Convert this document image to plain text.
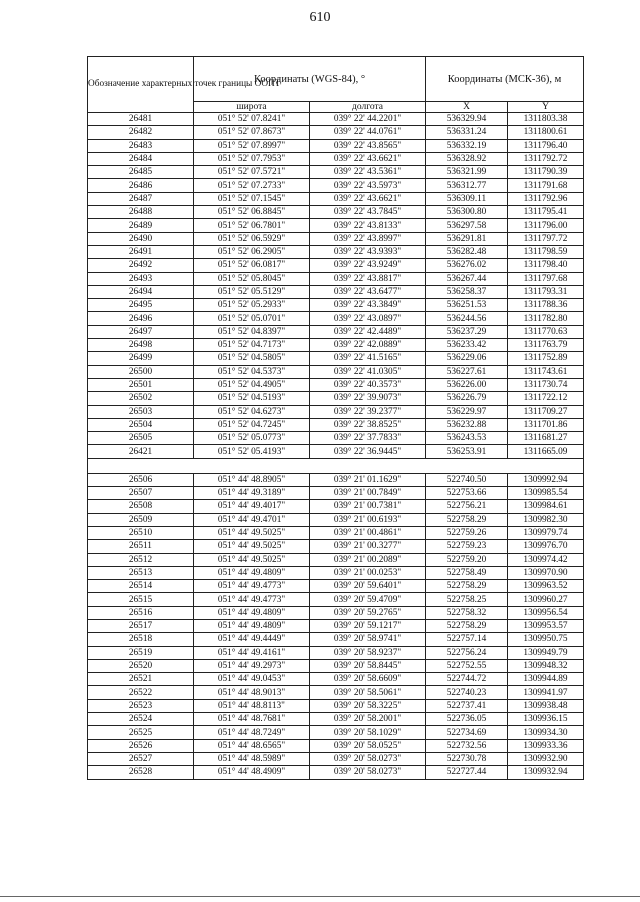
610
Обозначение характерных точек границы ООПТ	Координаты (WGS-84), °		Координаты (МСК-36), м	
	широта	долгота	X	Y
26481	051° 52' 07.8241"	039° 22' 44.2201"	536329.94	1311803.38
26482	051° 52' 07.8673"	039° 22' 44.0761"	536331.24	1311800.61
26483	051° 52' 07.8997"	039° 22' 43.8565"	536332.19	1311796.40
26484	051° 52' 07.7953"	039° 22' 43.6621"	536328.92	1311792.72
26485	051° 52' 07.5721"	039° 22' 43.5361"	536321.99	1311790.39
26486	051° 52' 07.2733"	039° 22' 43.5973"	536312.77	1311791.68
26487	051° 52' 07.1545"	039° 22' 43.6621"	536309.11	1311792.96
26488	051° 52' 06.8845"	039° 22' 43.7845"	536300.80	1311795.41
26489	051° 52' 06.7801"	039° 22' 43.8133"	536297.58	1311796.00
26490	051° 52' 06.5929"	039° 22' 43.8997"	536291.81	1311797.72
26491	051° 52' 06.2905"	039° 22' 43.9393"	536282.48	1311798.59
26492	051° 52' 06.0817"	039° 22' 43.9249"	536276.02	1311798.40
26493	051° 52' 05.8045"	039° 22' 43.8817"	536267.44	1311797.68
26494	051° 52' 05.5129"	039° 22' 43.6477"	536258.37	1311793.31
26495	051° 52' 05.2933"	039° 22' 43.3849"	536251.53	1311788.36
26496	051° 52' 05.0701"	039° 22' 43.0897"	536244.56	1311782.80
26497	051° 52' 04.8397"	039° 22' 42.4489"	536237.29	1311770.63
26498	051° 52' 04.7173"	039° 22' 42.0889"	536233.42	1311763.79
26499	051° 52' 04.5805"	039° 22' 41.5165"	536229.06	1311752.89
26500	051° 52' 04.5373"	039° 22' 41.0305"	536227.61	1311743.61
26501	051° 52' 04.4905"	039° 22' 40.3573"	536226.00	1311730.74
26502	051° 52' 04.5193"	039° 22' 39.9073"	536226.79	1311722.12
26503	051° 52' 04.6273"	039° 22' 39.2377"	536229.97	1311709.27
26504	051° 52' 04.7245"	039° 22' 38.8525"	536232.88	1311701.86
26505	051° 52' 05.0773"	039° 22' 37.7833"	536243.53	1311681.27
26421	051° 52' 05.4193"	039° 22' 36.9445"	536253.91	1311665.09

26506	051° 44' 48.8905"	039° 21' 01.1629"	522740.50	1309992.94
26507	051° 44' 49.3189"	039° 21' 00.7849"	522753.66	1309985.54
26508	051° 44' 49.4017"	039° 21' 00.7381"	522756.21	1309984.61
26509	051° 44' 49.4701"	039° 21' 00.6193"	522758.29	1309982.30
26510	051° 44' 49.5025"	039° 21' 00.4861"	522759.26	1309979.74
26511	051° 44' 49.5025"	039° 21' 00.3277"	522759.23	1309976.70
26512	051° 44' 49.5025"	039° 21' 00.2089"	522759.20	1309974.42
26513	051° 44' 49.4809"	039° 21' 00.0253"	522758.49	1309970.90
26514	051° 44' 49.4773"	039° 20' 59.6401"	522758.29	1309963.52
26515	051° 44' 49.4773"	039° 20' 59.4709"	522758.25	1309960.27
26516	051° 44' 49.4809"	039° 20' 59.2765"	522758.32	1309956.54
26517	051° 44' 49.4809"	039° 20' 59.1217"	522758.29	1309953.57
26518	051° 44' 49.4449"	039° 20' 58.9741"	522757.14	1309950.75
26519	051° 44' 49.4161"	039° 20' 58.9237"	522756.24	1309949.79
26520	051° 44' 49.2973"	039° 20' 58.8445"	522752.55	1309948.32
26521	051° 44' 49.0453"	039° 20' 58.6609"	522744.72	1309944.89
26522	051° 44' 48.9013"	039° 20' 58.5061"	522740.23	1309941.97
26523	051° 44' 48.8113"	039° 20' 58.3225"	522737.41	1309938.48
26524	051° 44' 48.7681"	039° 20' 58.2001"	522736.05	1309936.15
26525	051° 44' 48.7249"	039° 20' 58.1029"	522734.69	1309934.30
26526	051° 44' 48.6565"	039° 20' 58.0525"	522732.56	1309933.36
26527	051° 44' 48.5989"	039° 20' 58.0273"	522730.78	1309932.90
26528	051° 44' 48.4909"	039° 20' 58.0273"	522727.44	1309932.94
